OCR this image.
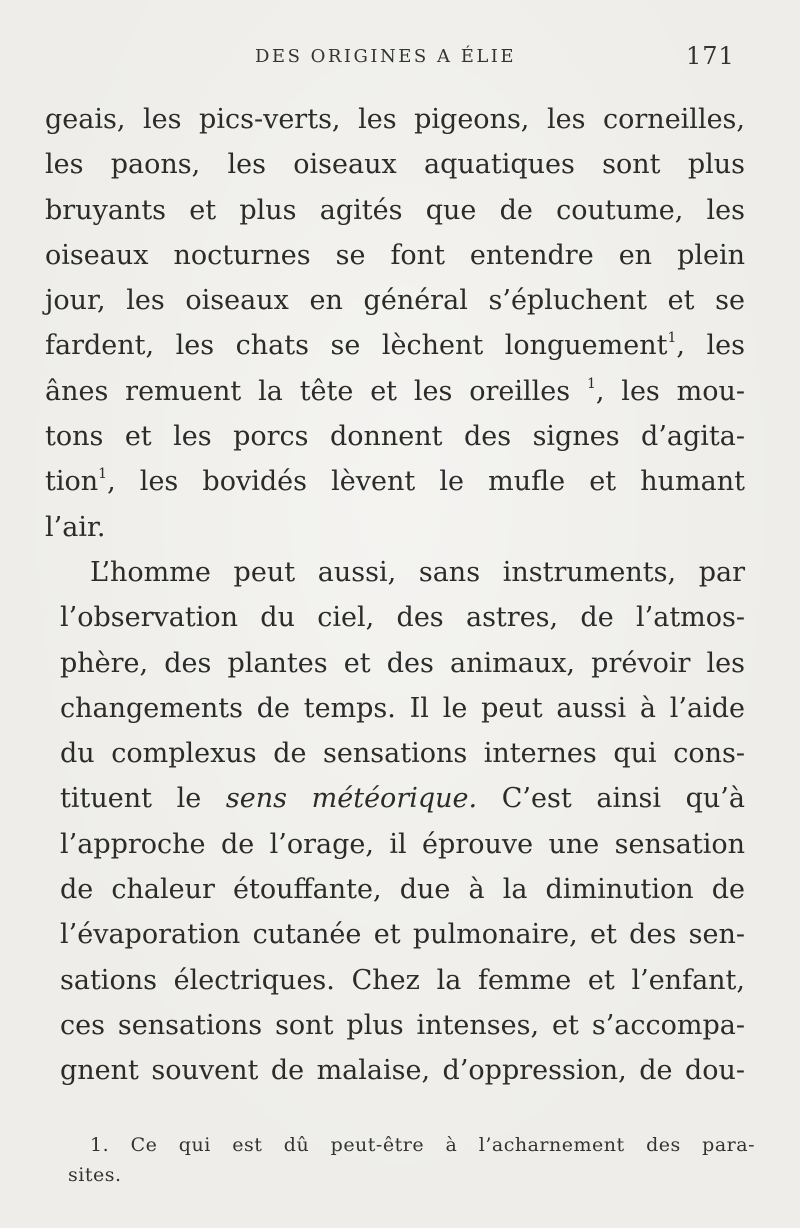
DES ORIGINES A ÉLIE	171
geais, les pics-verts, les pigeons, les corneilles,
les paons, les oiseaux aquatiques sont plus
bruyants et plus agités que de coutume, les
oiseaux nocturnes se font entendre en plein
jour, les oiseaux en général s’épluchent et se
fardent, les chats se lèchent longuement$^1$, les
ânes remuent la tête et les oreilles $^1$, les mou-
tons et les porcs donnent des signes d’agita-
tion$^1$, les bovidés lèvent le mufle et humant
l’air.
L’homme peut aussi, sans instruments, par
l’observation du ciel, des astres, de l’atmos-
phère, des plantes et des animaux, prévoir les
changements de temps. Il le peut aussi à l’aide
du complexus de sensations internes qui cons-
tituent le sens météorique. C’est ainsi qu’à
l’approche de l’orage, il éprouve une sensation
de chaleur étouffante, due à la diminution de
l’évaporation cutanée et pulmonaire, et des sen-
sations électriques. Chez la femme et l’enfant,
ces sensations sont plus intenses, et s’accompa-
gnent souvent de malaise, d’oppression, de dou-
1. Ce qui est dû peut-être à l’acharnement des para-
sites.
